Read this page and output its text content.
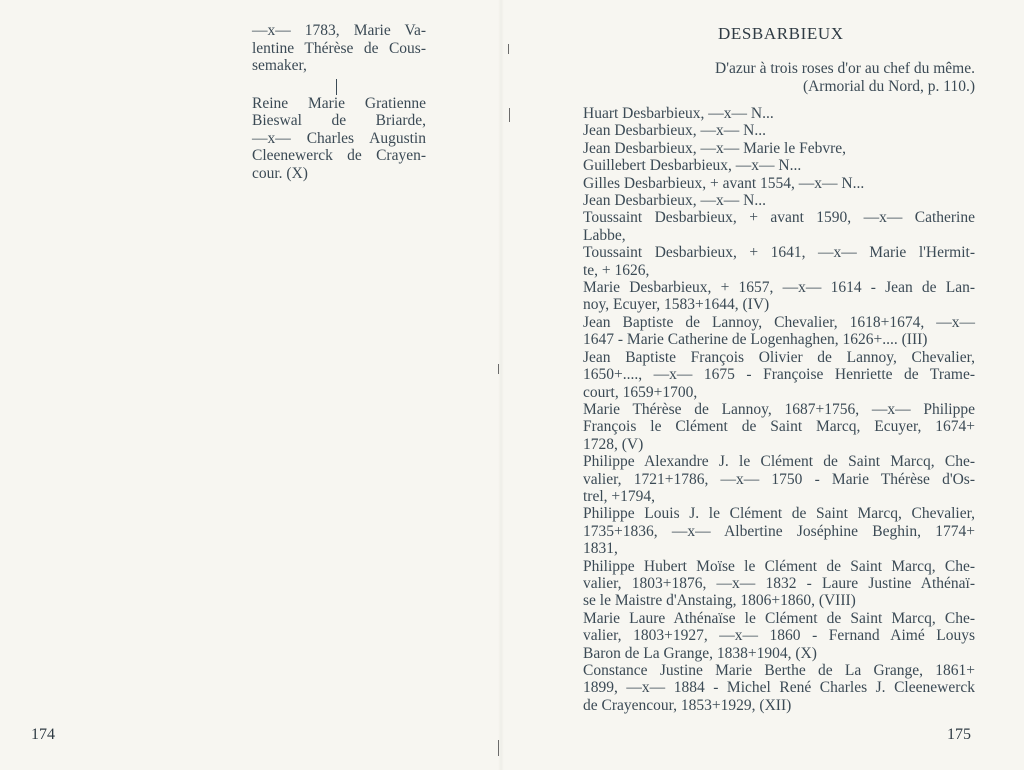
—x— 1783, Marie Va-
lentine Thérèse de Cous-
semaker,
Reine Marie Gratienne
Bieswal de Briarde,
—x— Charles Augustin
Cleenewerck de Crayen-
cour. (X)
174
DESBARBIEUX
D'azur à trois roses d'or au chef du même.
(Armorial du Nord, p. 110.)
Huart Desbarbieux, —x— N...
Jean Desbarbieux, —x— N...
Jean Desbarbieux, —x— Marie le Febvre,
Guillebert Desbarbieux, —x— N...
Gilles Desbarbieux, + avant 1554, —x— N...
Jean Desbarbieux, —x— N...
Toussaint Desbarbieux, + avant 1590, —x— Catherine
Labbe,
Toussaint Desbarbieux, + 1641, —x— Marie l'Hermit-
te, + 1626,
Marie Desbarbieux, + 1657, —x— 1614 - Jean de Lan-
noy, Ecuyer, 1583+1644, (IV)
Jean Baptiste de Lannoy, Chevalier, 1618+1674, —x—
1647 - Marie Catherine de Logenhaghen, 1626+.... (III)
Jean Baptiste François Olivier de Lannoy, Chevalier,
1650+...., —x— 1675 - Françoise Henriette de Trame-
court, 1659+1700,
Marie Thérèse de Lannoy, 1687+1756, —x— Philippe
François le Clément de Saint Marcq, Ecuyer, 1674+
1728, (V)
Philippe Alexandre J. le Clément de Saint Marcq, Che-
valier, 1721+1786, —x— 1750 - Marie Thérèse d'Os-
trel, +1794,
Philippe Louis J. le Clément de Saint Marcq, Chevalier,
1735+1836, —x— Albertine Joséphine Beghin, 1774+
1831,
Philippe Hubert Moïse le Clément de Saint Marcq, Che-
valier, 1803+1876, —x— 1832 - Laure Justine Athénaï-
se le Maistre d'Anstaing, 1806+1860, (VIII)
Marie Laure Athénaïse le Clément de Saint Marcq, Che-
valier, 1803+1927, —x— 1860 - Fernand Aimé Louys
Baron de La Grange, 1838+1904, (X)
Constance Justine Marie Berthe de La Grange, 1861+
1899, —x— 1884 - Michel René Charles J. Cleenewerck
de Crayencour, 1853+1929, (XII)
175
